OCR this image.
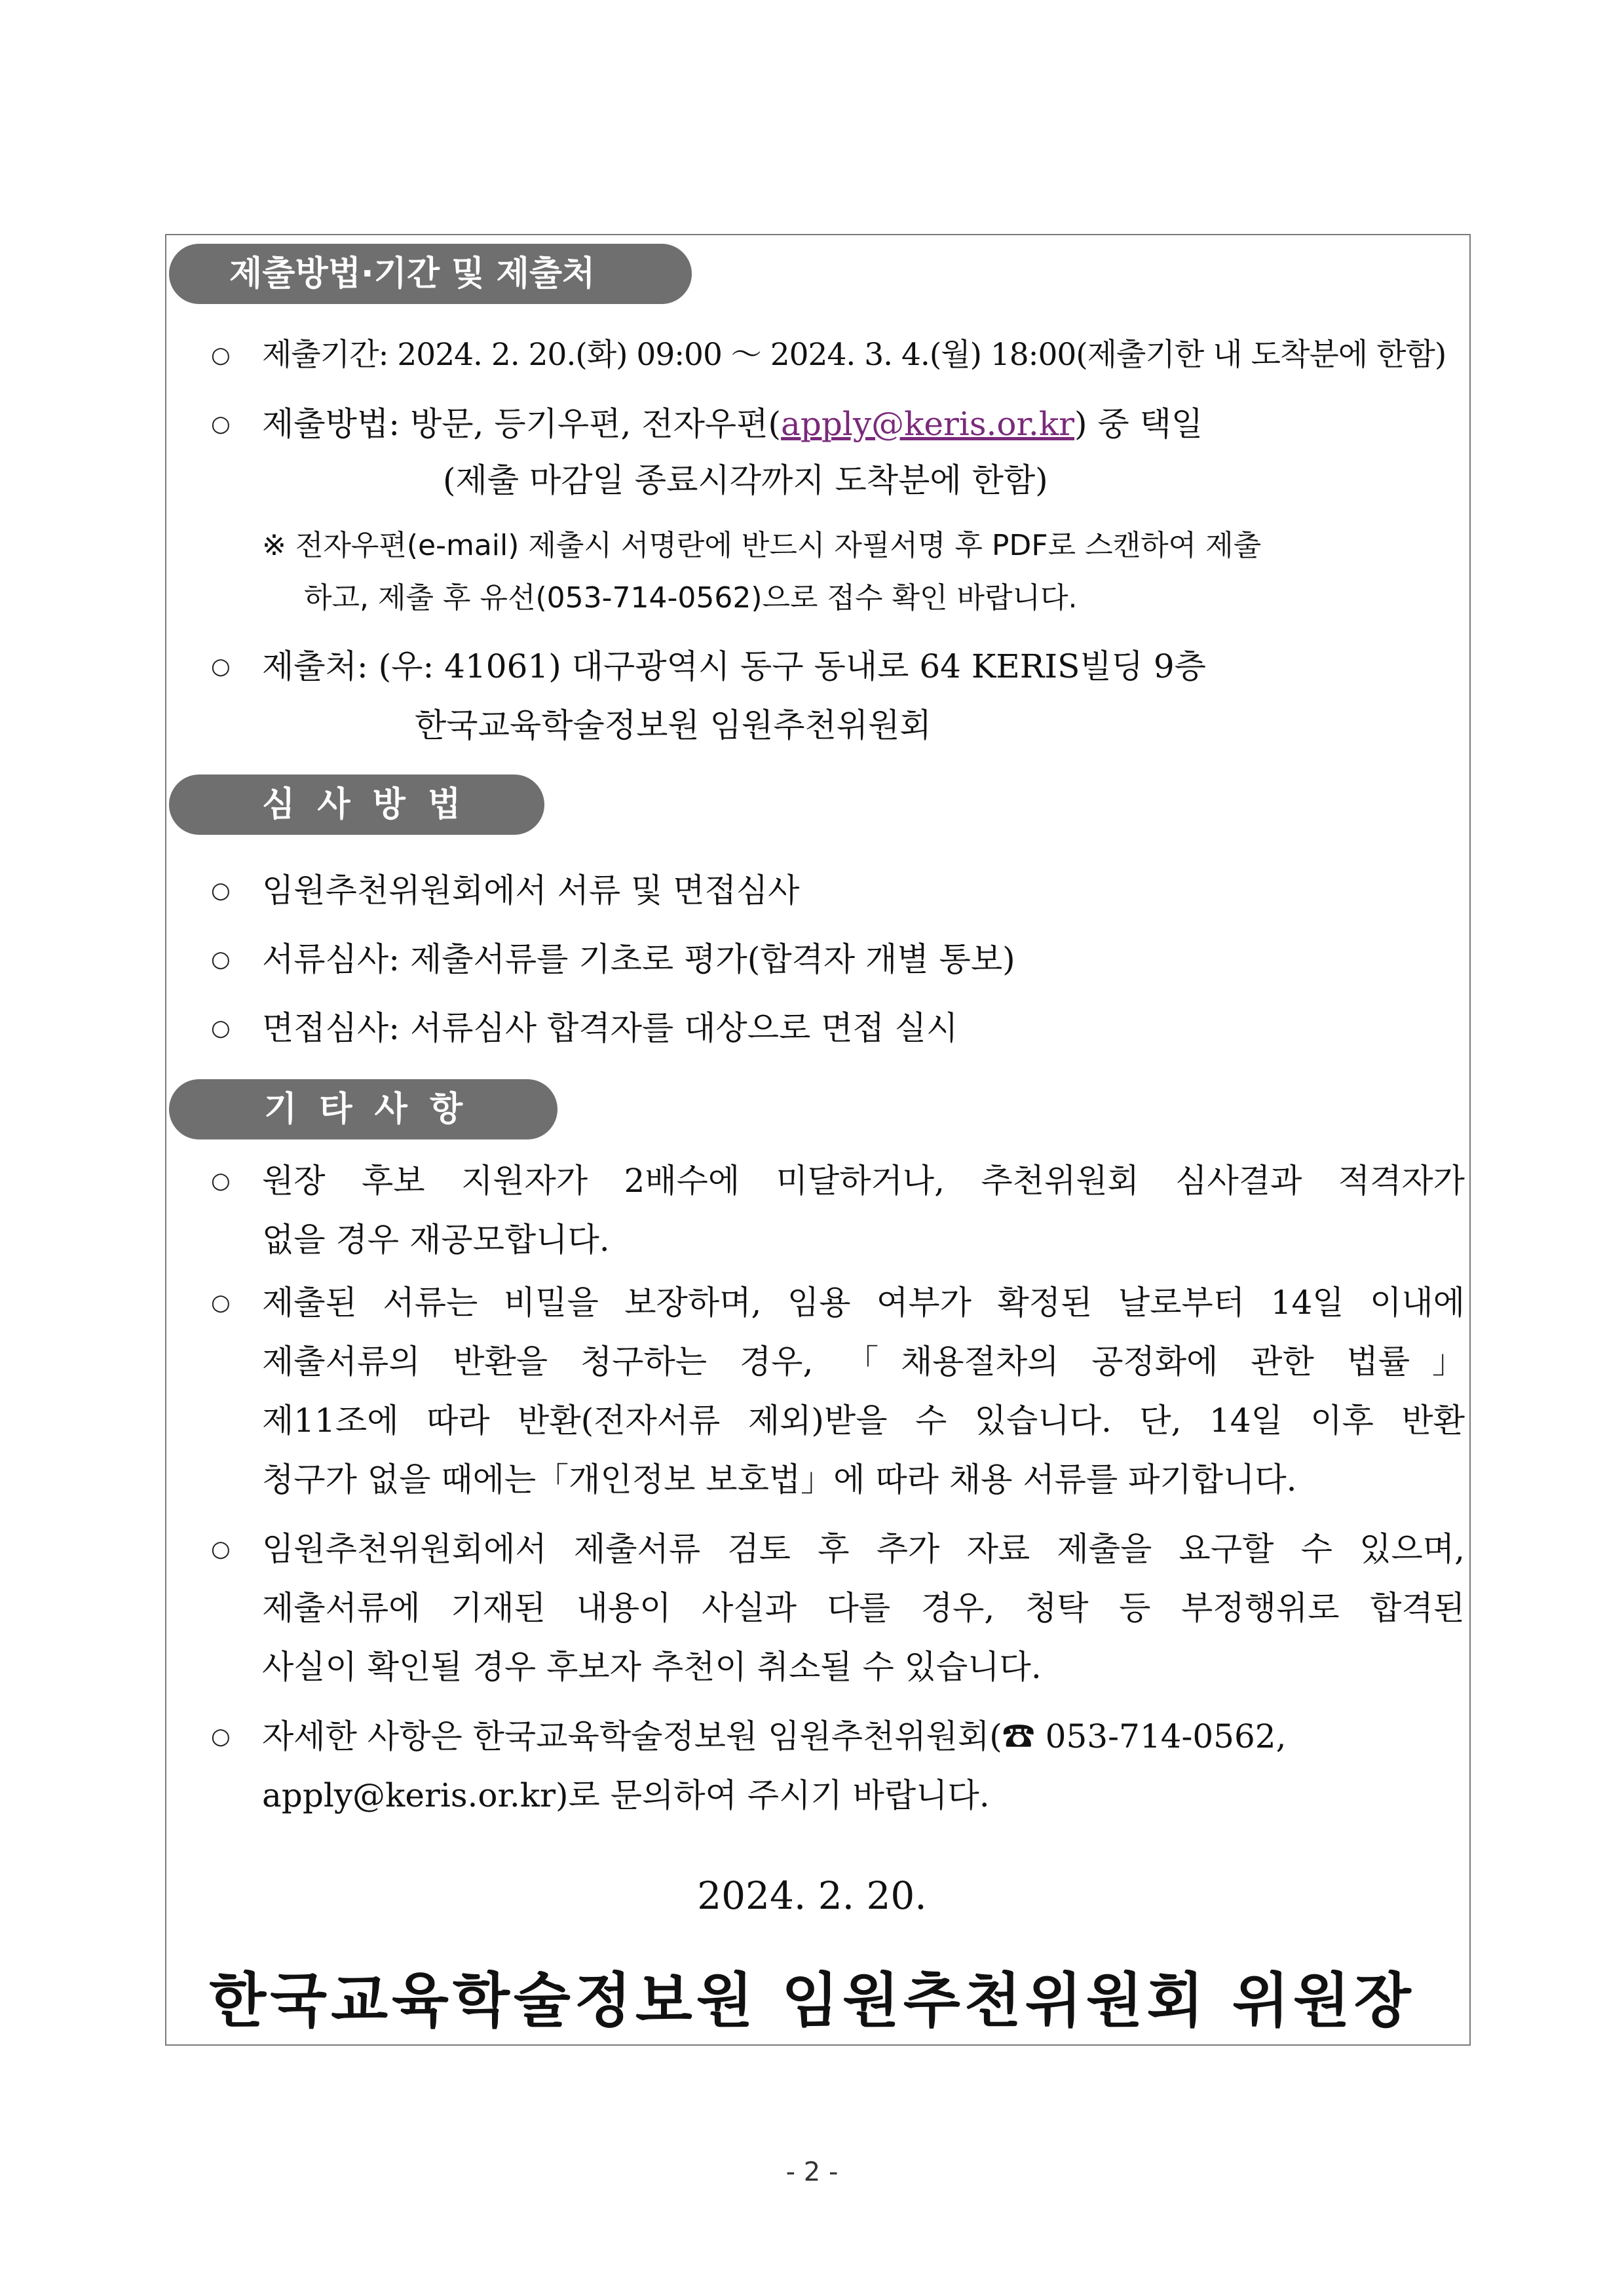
제출방법·기간 및 제출처
○ 제출기간: 2024. 2. 20.(화) 09:00 ～ 2024. 3. 4.(월) 18:00(제출기한 내 도착분에 한함)
○ 제출방법: 방문, 등기우편, 전자우편(apply@keris.or.kr) 중 택일
(제출 마감일 종료시각까지 도착분에 한함)
※ 전자우편(e-mail) 제출시 서명란에 반드시 자필서명 후 PDF로 스캔하여 제출
하고, 제출 후 유선(053-714-0562)으로 접수 확인 바랍니다.
○ 제출처: (우: 41061) 대구광역시 동구 동내로 64 KERIS빌딩 9층
한국교육학술정보원 임원추천위원회
심 사 방 법
○ 임원추천위원회에서 서류 및 면접심사
○ 서류심사: 제출서류를 기초로 평가(합격자 개별 통보)
○ 면접심사: 서류심사 합격자를 대상으로 면접 실시
기 타 사 항
○ 원장 후보 지원자가 2배수에 미달하거나, 추천위원회 심사결과 적격자가
없을 경우 재공모합니다.
○ 제출된 서류는 비밀을 보장하며, 임용 여부가 확정된 날로부터 14일 이내에
제출서류의 반환을 청구하는 경우, 「채용절차의 공정화에 관한 법률」
제11조에 따라 반환(전자서류 제외)받을 수 있습니다. 단, 14일 이후 반환
청구가 없을 때에는「개인정보 보호법」에 따라 채용 서류를 파기합니다.
○ 임원추천위원회에서 제출서류 검토 후 추가 자료 제출을 요구할 수 있으며,
제출서류에 기재된 내용이 사실과 다를 경우, 청탁 등 부정행위로 합격된
사실이 확인될 경우 후보자 추천이 취소될 수 있습니다.
○ 자세한 사항은 한국교육학술정보원 임원추천위원회(☎ 053-714-0562,
apply@keris.or.kr)로 문의하여 주시기 바랍니다.
2024. 2. 20.
한국교육학술정보원 임원추천위원회 위원장
- 2 -
